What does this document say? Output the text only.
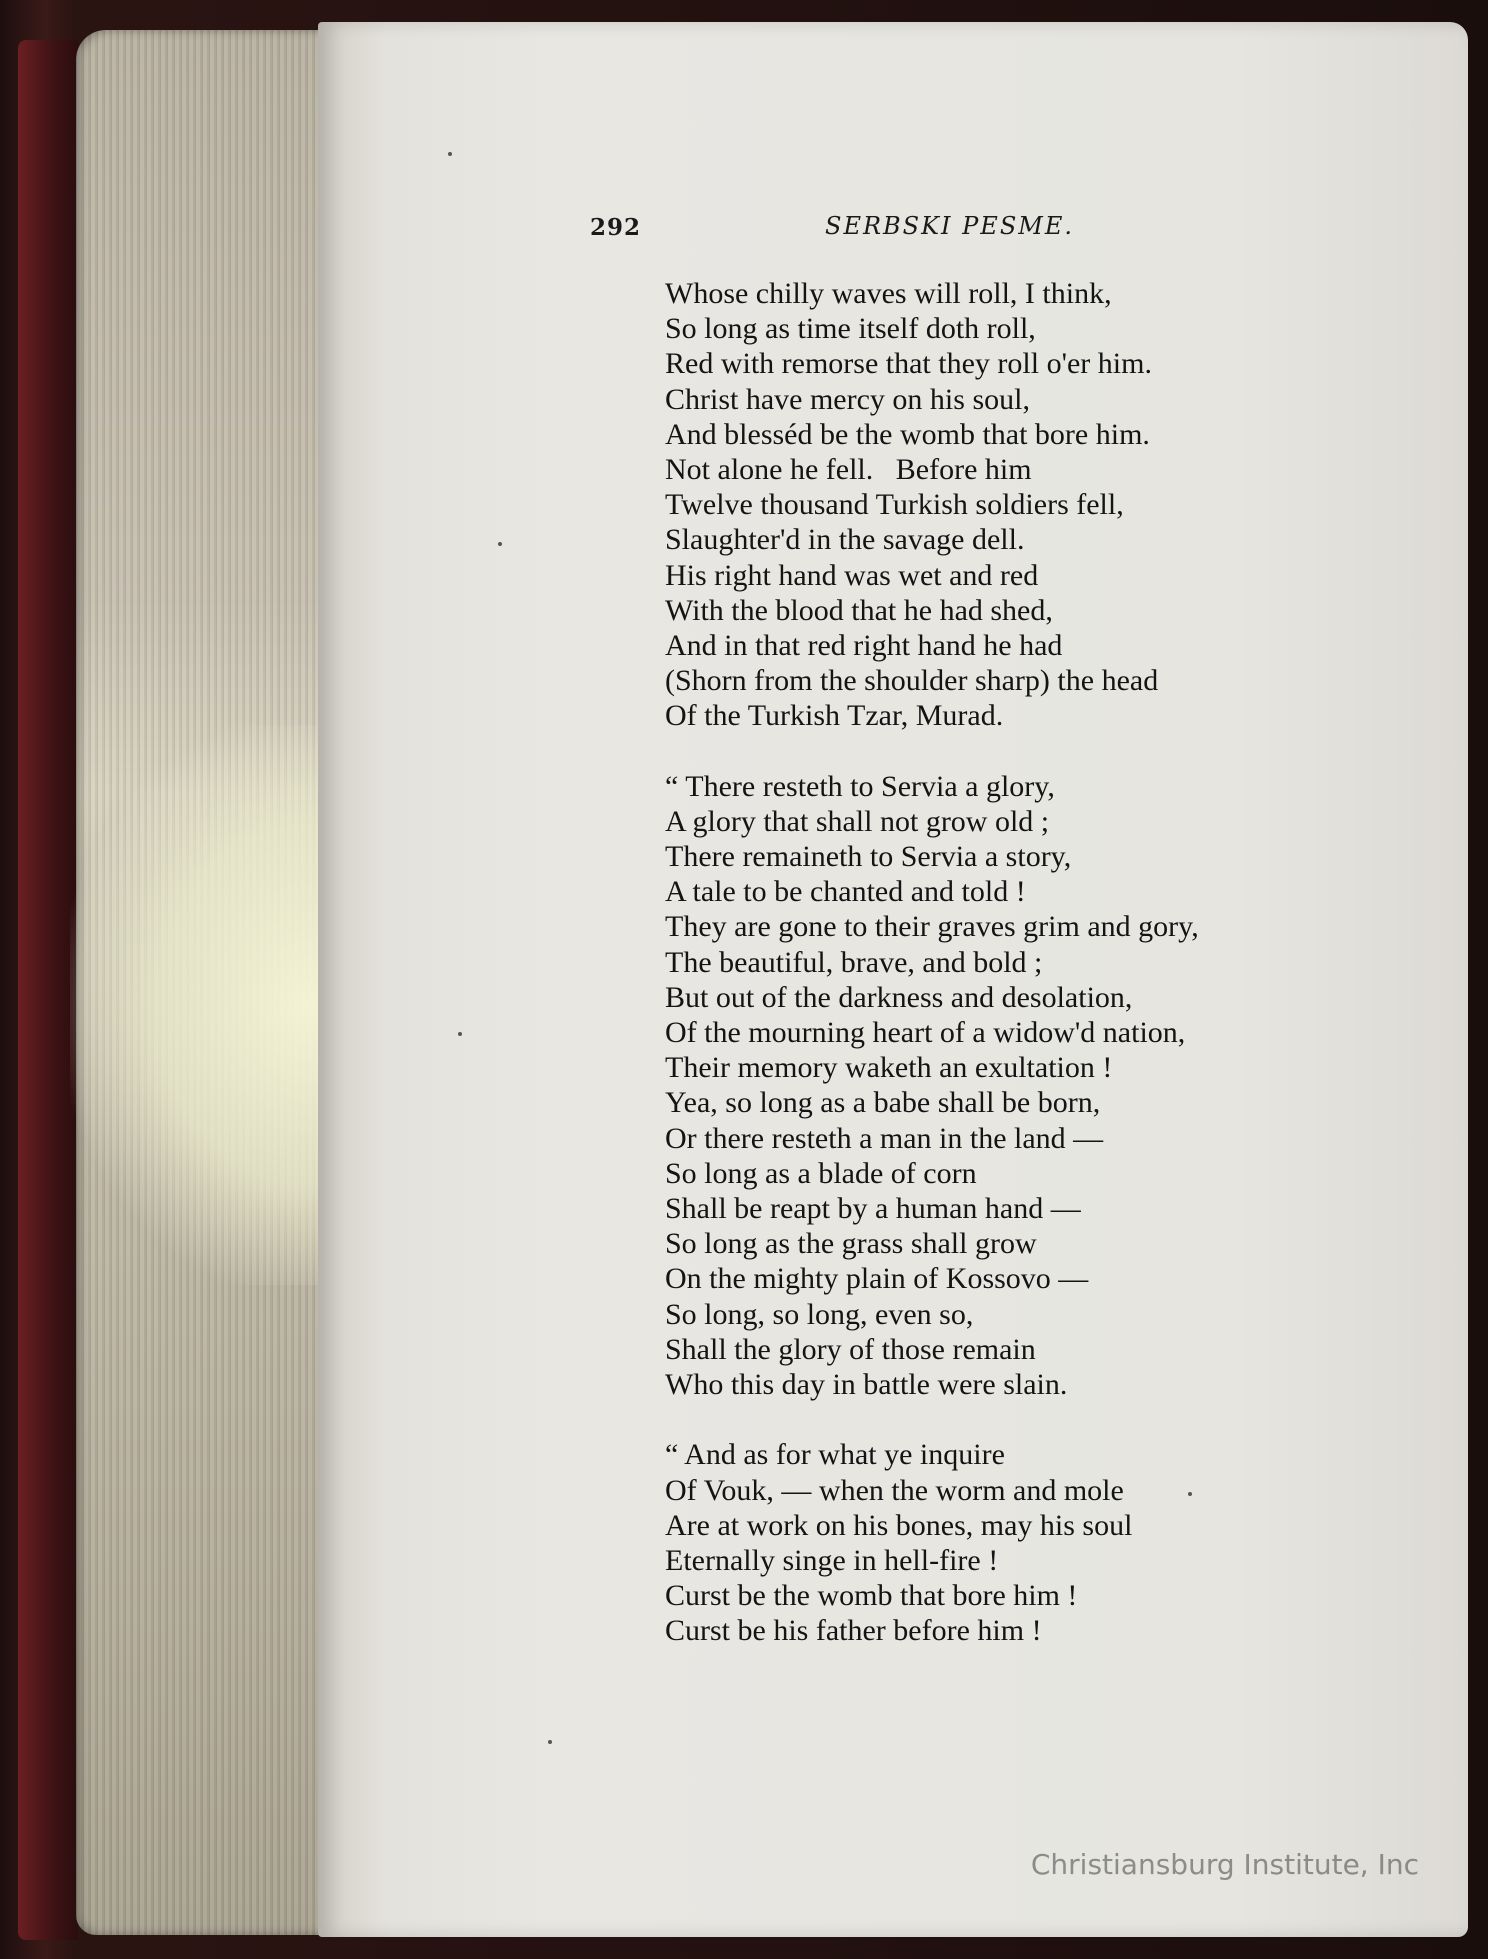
292	SERBSKI PESME.
Whose chilly waves will roll, I think,
So long as time itself doth roll,
Red with remorse that they roll o'er him.
Christ have mercy on his soul,
And blesséd be the womb that bore him.
Not alone he fell.   Before him
Twelve thousand Turkish soldiers fell,
Slaughter'd in the savage dell.
His right hand was wet and red
With the blood that he had shed,
And in that red right hand he had
(Shorn from the shoulder sharp) the head
Of the Turkish Tzar, Murad.
“ There resteth to Servia a glory,
A glory that shall not grow old ;
There remaineth to Servia a story,
A tale to be chanted and told !
They are gone to their graves grim and gory,
The beautiful, brave, and bold ;
But out of the darkness and desolation,
Of the mourning heart of a widow'd nation,
Their memory waketh an exultation !
Yea, so long as a babe shall be born,
Or there resteth a man in the land —
So long as a blade of corn
Shall be reapt by a human hand —
So long as the grass shall grow
On the mighty plain of Kossovo —
So long, so long, even so,
Shall the glory of those remain
Who this day in battle were slain.
“ And as for what ye inquire
Of Vouk, — when the worm and mole
Are at work on his bones, may his soul
Eternally singe in hell-fire !
Curst be the womb that bore him !
Curst be his father before him !
Christiansburg Institute, Inc
